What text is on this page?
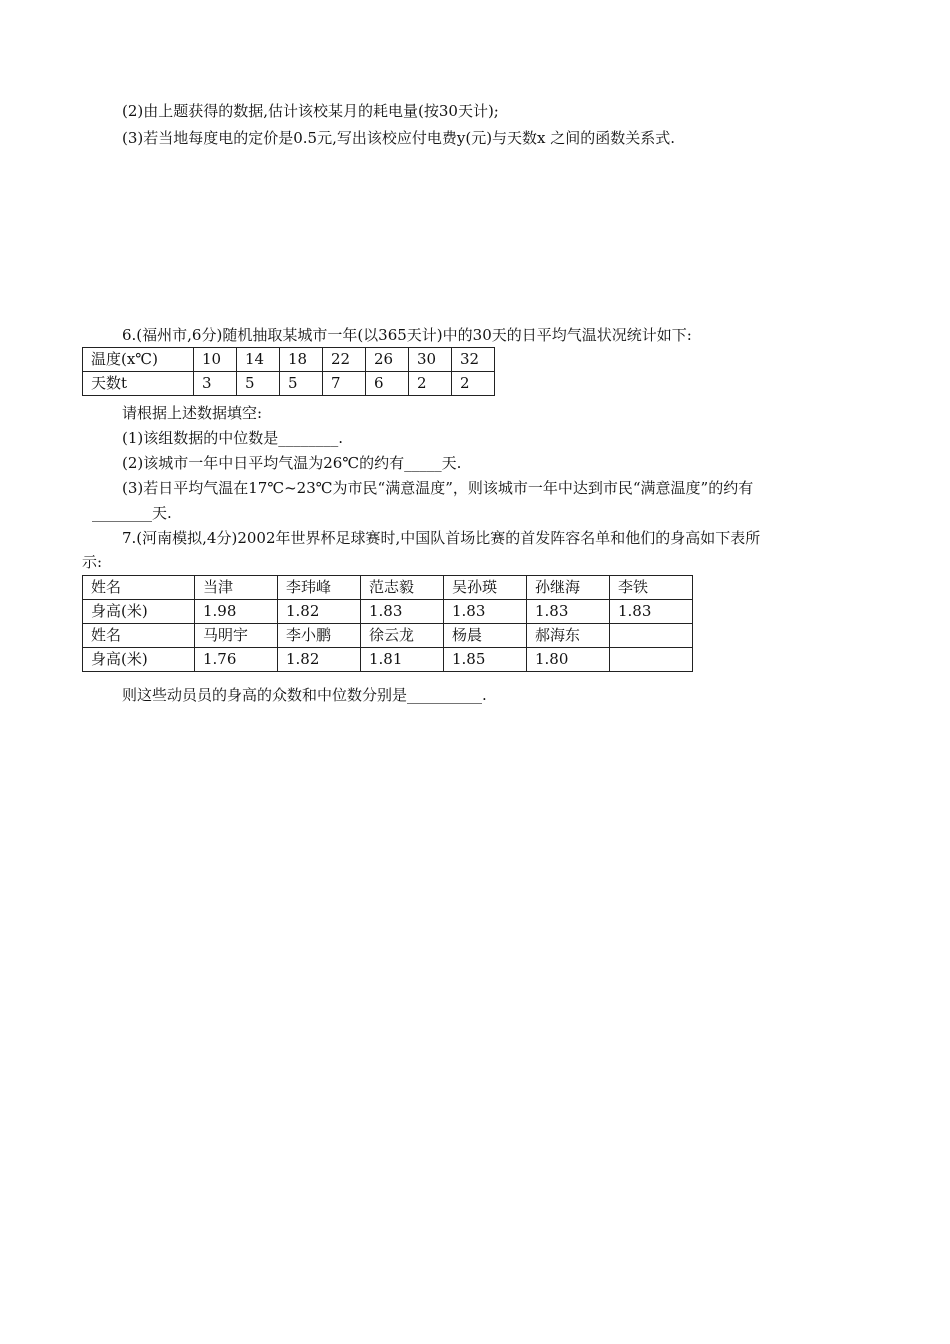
(2)由上题获得的数据,估计该校某月的耗电量(按30天计);
(3)若当地每度电的定价是0.5元,写出该校应付电费y(元)与天数x 之间的函数关系式.
6.(福州市,6分)随机抽取某城市一年(以365天计)中的30天的日平均气温状况统计如下:
温度(x℃)	10	14	18	22	26	30	32
天数t	3	5	5	7	6	2	2
请根据上述数据填空:
(1)该组数据的中位数是________.
(2)该城市一年中日平均气温为26℃的约有_____天.
(3)若日平均气温在17℃~23℃为市民“满意温度”，则该城市一年中达到市民“满意温度”的约有
________天.
7.(河南模拟,4分)2002年世界杯足球赛时,中国队首场比赛的首发阵容名单和他们的身高如下表所
示:
姓名	当津	李玮峰	范志毅	吴孙瑛	孙继海	李铁
身高(米)	1.98	1.82	1.83	1.83	1.83	1.83
姓名	马明宇	李小鹏	徐云龙	杨晨	郝海东	
身高(米)	1.76	1.82	1.81	1.85	1.80	
则这些动员员的身高的众数和中位数分别是__________.
